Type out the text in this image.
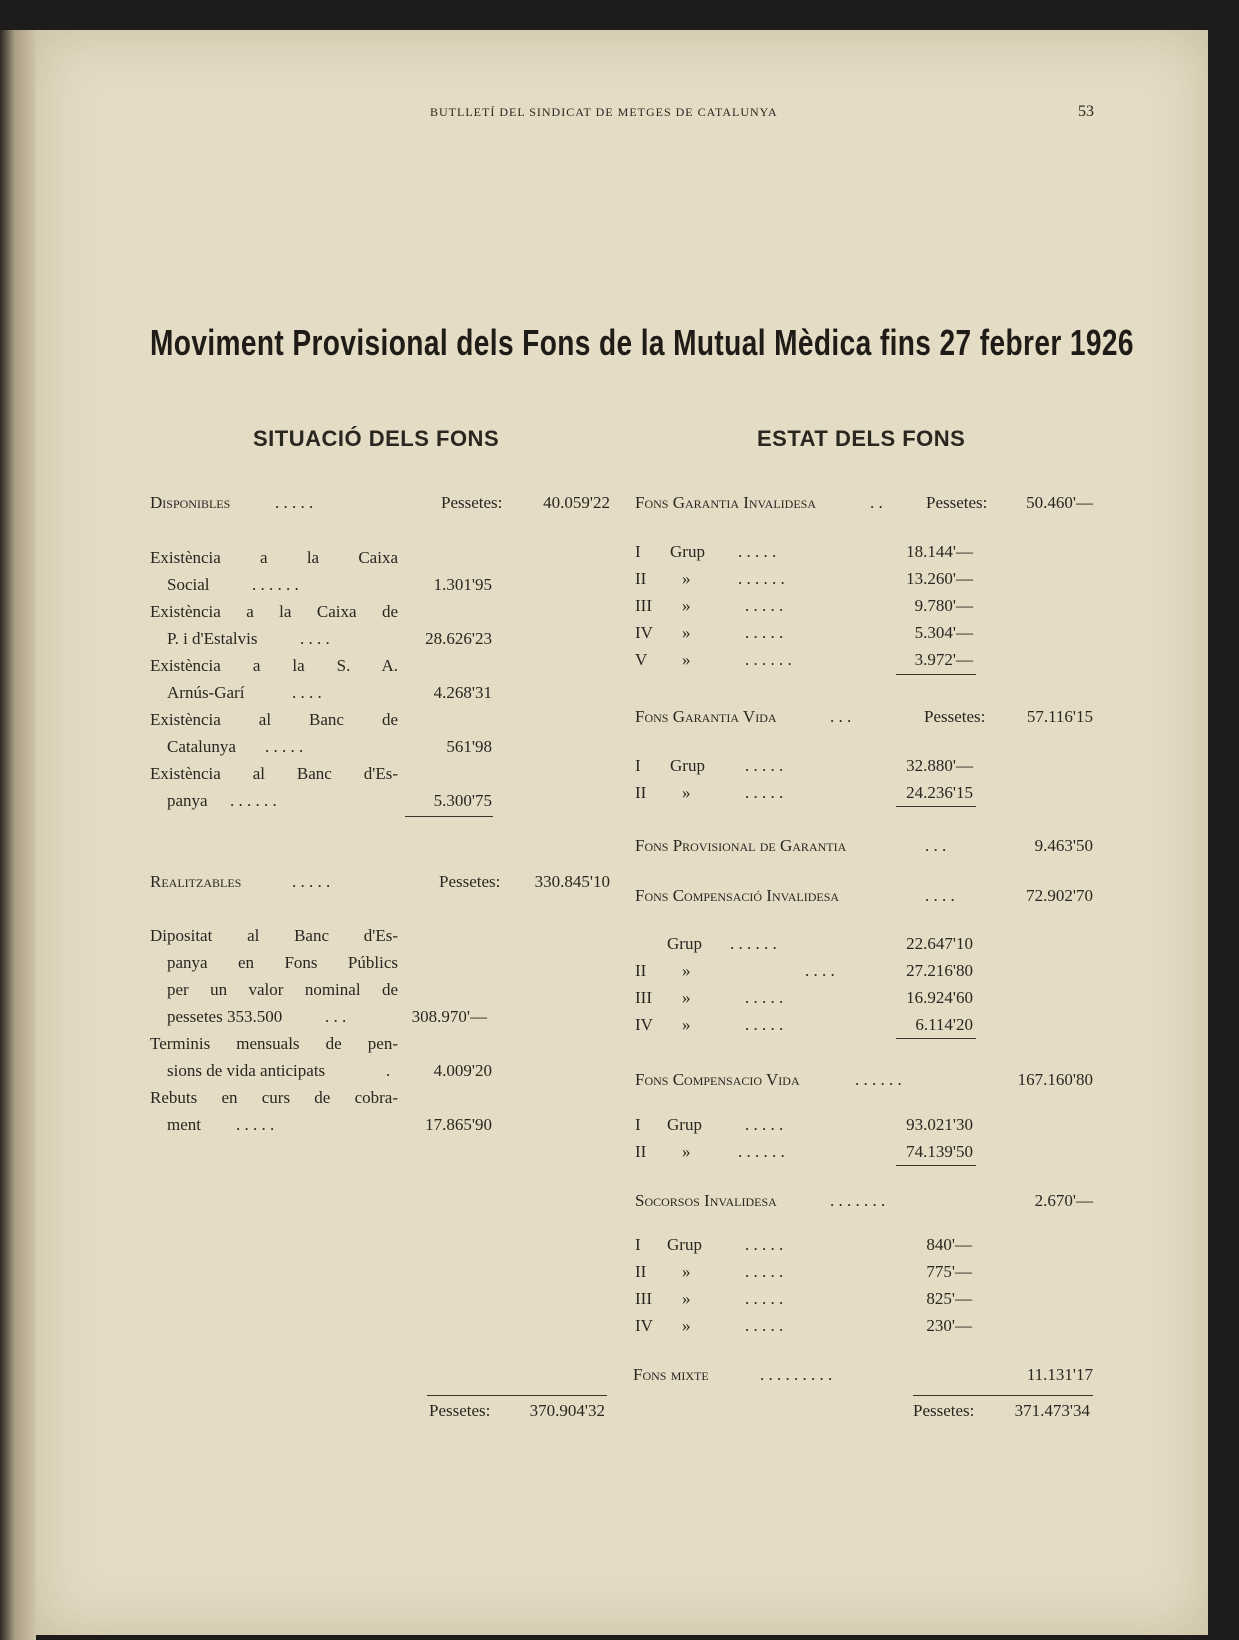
BUTLLETÍ DEL SINDICAT DE METGES DE CATALUNYA	53
Moviment Provisional dels Fons de la Mutual Mèdica fins 27 febrer 1926
SITUACIÓ DELS FONS
Disponibles	. . . . .	Pessetes:	40.059'22
Existència a la Caixa
Social	. . . . . .	1.301'95
Existència a la Caixa de
P. i d'Estalvis	. . . .	28.626'23
Existència a la S. A.
Arnús-Garí	. . . .	4.268'31
Existència al Banc de
Catalunya . . . . .	561'98
Existència al Banc d'Es-
panya . . . . . .	5.300'75
Realitzables	. . . . .	Pessetes:	330.845'10
Dipositat al Banc d'Es-
panya en Fons Públics
per un valor nominal de
pessetes 353.500	. . .	308.970'—
Terminis mensuals de pen-
sions de vida anticipats	.	4.009'20
Rebuts en curs de cobra-
ment . . . . .	17.865'90
Pessetes:	370.904'32
ESTAT DELS FONS
Fons Garantia Invalidesa	. .	Pessetes:	50.460'—
I Grup . . . . .	18.144'—
II »	. . . . . .	13.260'—
III »	. . . . .	9.780'—
IV »	. . . . .	5.304'—
V »	. . . . . .	3.972'—
Fons Garantia Vida	. . .	Pessetes:	57.116'15
I Grup . . . . .	32.880'—
II »	. . . . .	24.236'15
Fons Provisional de Garantia	. . .	9.463'50
Fons Compensació Invalidesa	. . . .	72.902'70
Grup . . . . . .	22.647'10
II »	. . . .	27.216'80
III »	. . . . .	16.924'60
IV »	. . . . .	6.114'20
Fons Compensacio Vida	. . . . . .	167.160'80
I Grup	. . . . .	93.021'30
II »	. . . . . .	74.139'50
Socorsos Invalidesa	. . . . . . .	2.670'—
I Grup	. . . . .	840'—
II »	. . . . .	775'—
III »	. . . . .	825'—
IV »	. . . . .	230'—
Fons mixte	. . . . . . . . .	11.131'17
Pessetes:	371.473'34
